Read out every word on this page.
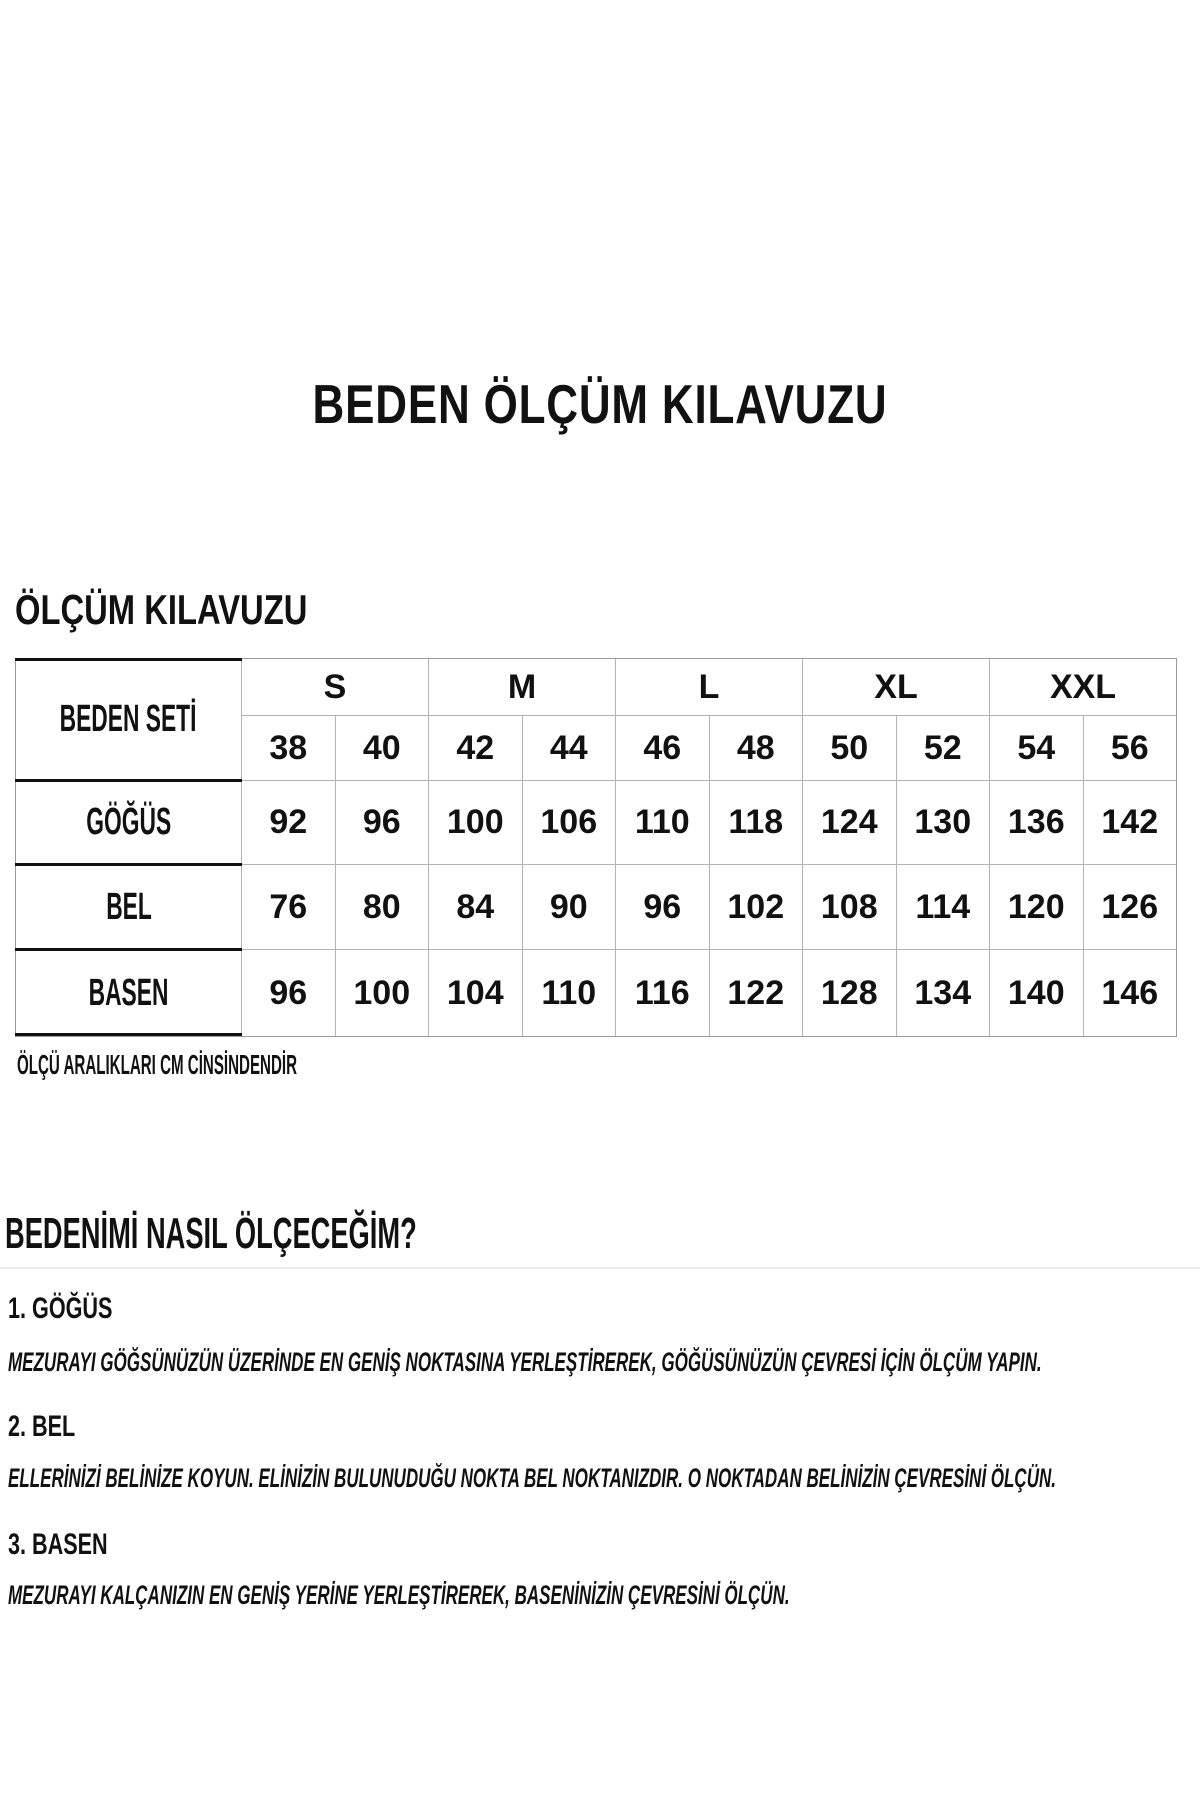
BEDEN ÖLÇÜM KILAVUZU
ÖLÇÜM KILAVUZU
BEDEN SETİ
S	M	L	XL	XXL
38 40 42 44 46 48 50 52 54 56
GÖĞÜS	92 96 100 106 110 118 124 130 136 142
BEL	76 80 84 90 96 102 108 114 120 126
BASEN	96 100 104 110 116 122 128 134 140 146
ÖLÇÜ ARALIKLARI CM CİNSİNDENDİR
BEDENİMİ NASIL ÖLÇECEĞİM?
1. GÖĞÜS
MEZURAYI GÖĞSÜNÜZÜN ÜZERİNDE EN GENİŞ NOKTASINA YERLEŞTİREREK, GÖĞÜSÜNÜZÜN ÇEVRESİ İÇİN ÖLÇÜM YAPIN.
2. BEL
ELLERİNİZİ BELİNİZE KOYUN. ELİNİZİN BULUNUDUĞU NOKTA BEL NOKTANIZDIR. O NOKTADAN BELİNİZİN ÇEVRESİNİ ÖLÇÜN.
3. BASEN
MEZURAYI KALÇANIZIN EN GENİŞ YERİNE YERLEŞTİREREK, BASENİNİZİN ÇEVRESİNİ ÖLÇÜN.
